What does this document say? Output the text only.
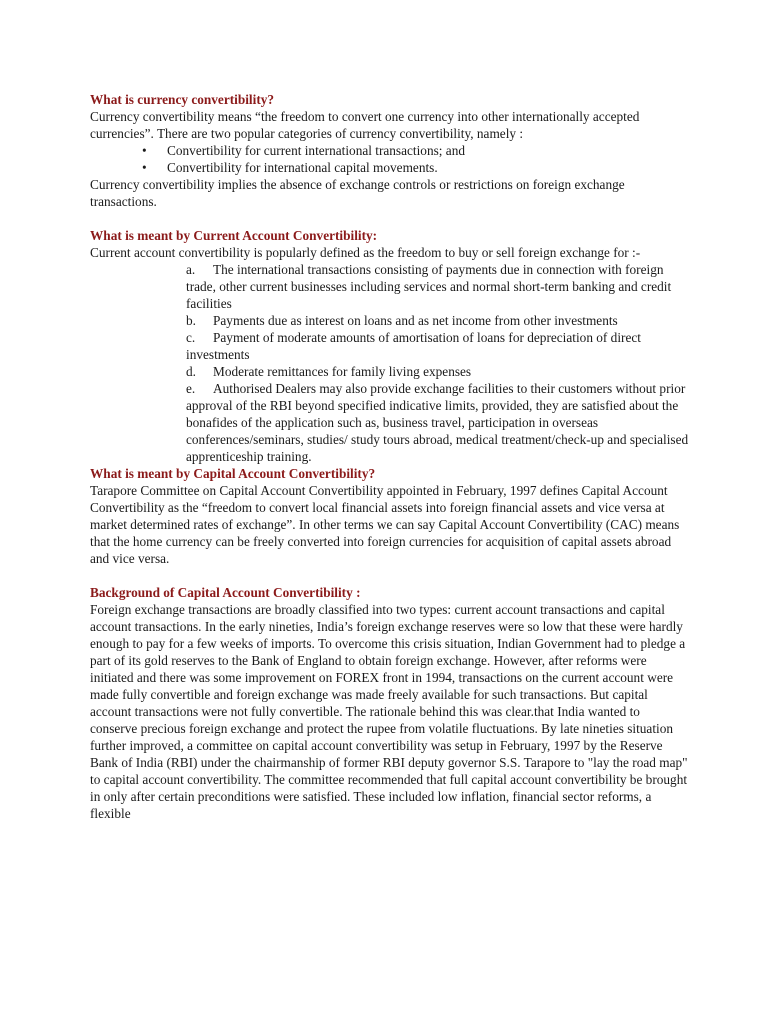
What is currency convertibility?

Currency convertibility means “the freedom to convert one currency into other internationally accepted currencies”. There are two popular categories of currency convertibility, namely :

• Convertibility for current international transactions; and
• Convertibility for international capital movements.

Currency convertibility implies the absence of exchange controls or restrictions on foreign exchange transactions.

What is meant by Current Account Convertibility:

Current account convertibility is popularly defined as the freedom to buy or sell foreign exchange for :-

a. The international transactions consisting of payments due in connection with foreign trade, other current businesses including services and normal short-term banking and credit facilities
b. Payments due as interest on loans and as net income from other investments
c. Payment of moderate amounts of amortisation of loans for depreciation of direct investments
d. Moderate remittances for family living expenses
e. Authorised Dealers may also provide exchange facilities to their customers without prior approval of the RBI beyond specified indicative limits, provided, they are satisfied about the bonafides of the application such as, business travel, participation in overseas conferences/seminars, studies/ study tours abroad, medical treatment/check-up and specialised apprenticeship training.

What is meant by Capital Account Convertibility?

Tarapore Committee on Capital Account Convertibility appointed in February, 1997 defines Capital Account Convertibility as the “freedom to convert local financial assets into foreign financial assets and vice versa at market determined rates of exchange”. In other terms we can say Capital Account Convertibility (CAC) means that the home currency can be freely converted into foreign currencies for acquisition of capital assets abroad and vice versa.

Background of Capital Account Convertibility :

Foreign exchange transactions are broadly classified into two types: current account transactions and capital account transactions. In the early nineties, India’s foreign exchange reserves were so low that these were hardly enough to pay for a few weeks of imports. To overcome this crisis situation, Indian Government had to pledge a part of its gold reserves to the Bank of England to obtain foreign exchange. However, after reforms were initiated and there was some improvement on FOREX front in 1994, transactions on the current account were made fully convertible and foreign exchange was made freely available for such transactions. But capital account transactions were not fully convertible. The rationale behind this was clear.that India wanted to conserve precious foreign exchange and protect the rupee from volatile fluctuations. By late nineties situation further improved, a committee on capital account convertibility was setup in February, 1997 by the Reserve Bank of India (RBI) under the chairmanship of former RBI deputy governor S.S. Tarapore to "lay the road map" to capital account convertibility. The committee recommended that full capital account convertibility be brought in only after certain preconditions were satisfied. These included low inflation, financial sector reforms, a flexible
